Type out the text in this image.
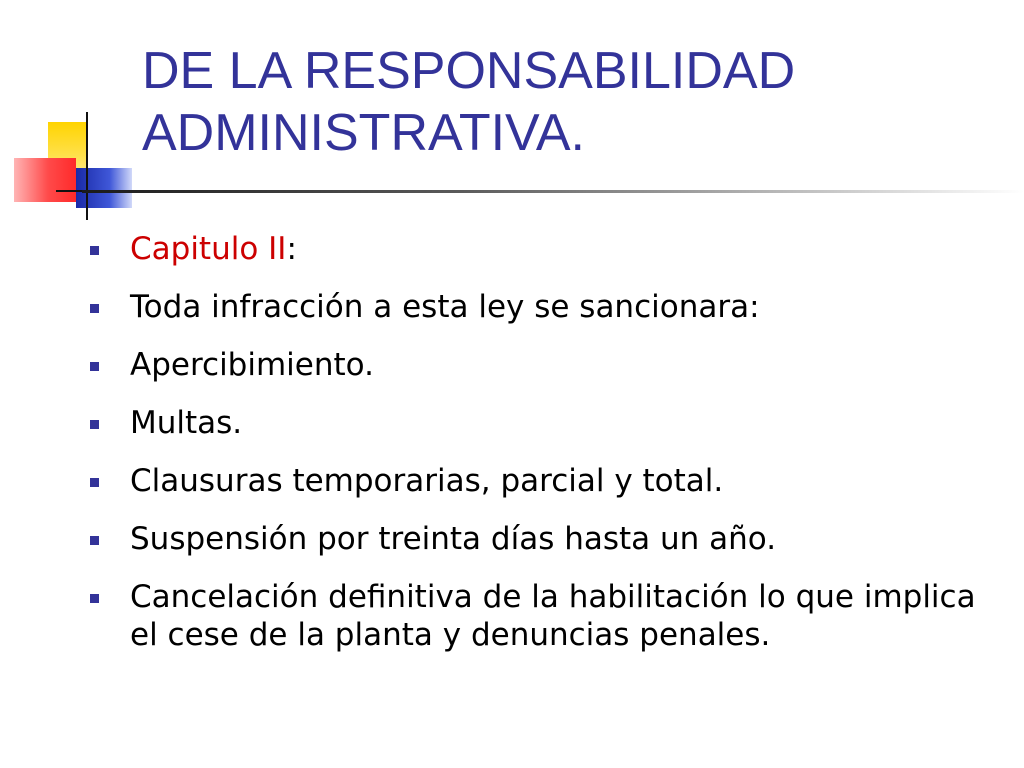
DE LA RESPONSABILIDAD
ADMINISTRATIVA.
Capitulo II:
Toda infracción a esta ley se sancionara:
Apercibimiento.
Multas.
Clausuras temporarias, parcial y total.
Suspensión por treinta días hasta un año.
Cancelación definitiva de la habilitación lo que implica el cese de la planta y denuncias penales.
